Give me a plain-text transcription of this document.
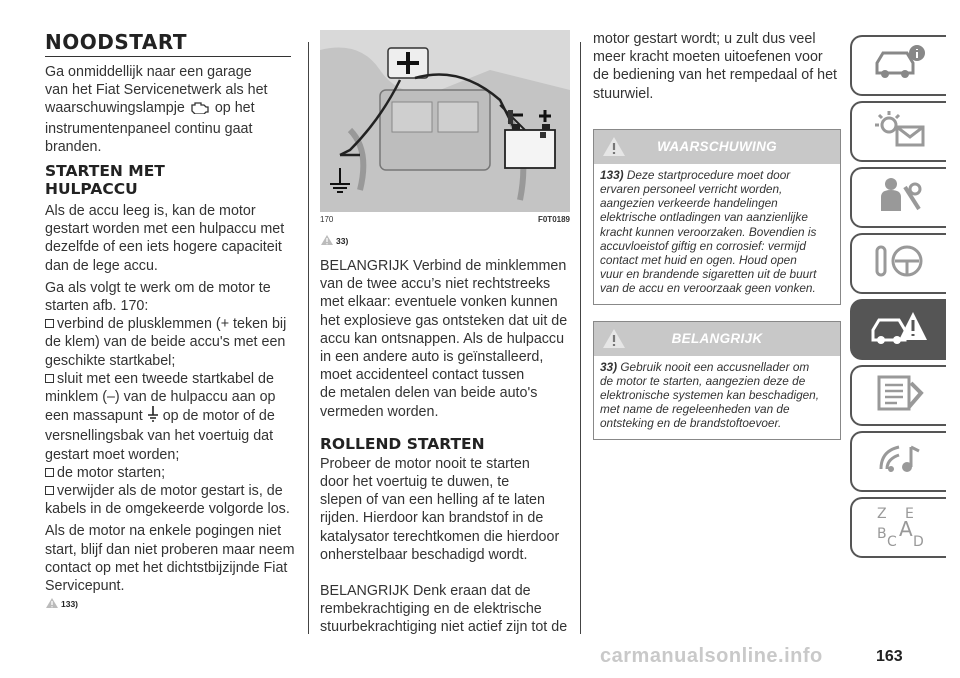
NOODSTART
Ga onmiddellijk naar een garage
van het Fiat Servicenetwerk als het
waarschuwingslampje op het
instrumentenpaneel continu gaat
branden.
STARTEN MET
HULPACCU
Als de accu leeg is, kan de motor
gestart worden met een hulpaccu met
dezelfde of een iets hogere capaciteit
dan de lege accu.
Ga als volgt te werk om de motor te
starten afb. 170:
verbind de plusklemmen (+ teken bij
de klem) van de beide accu's met een
geschikte startkabel;
sluit met een tweede startkabel de
minklem (–) van de hulpaccu aan op
een massapunt op de motor of de
versnellingsbak van het voertuig dat
gestart moet worden;
de motor starten;
verwijder als de motor gestart is, de
kabels in de omgekeerde volgorde los.
Als de motor na enkele pogingen niet
start, blijf dan niet proberen maar neem
contact op met het dichtstbijzijnde Fiat
Servicepunt.
133)
170	F0T0189
33)
BELANGRIJK Verbind de minklemmen
van de twee accu’s niet rechtstreeks
met elkaar: eventuele vonken kunnen
het explosieve gas ontsteken dat uit de
accu kan ontsnappen. Als de hulpaccu
in een andere auto is geïnstalleerd,
moet accidenteel contact tussen
de metalen delen van beide auto's
vermeden worden.
ROLLEND STARTEN
Probeer de motor nooit te starten
door het voertuig te duwen, te
slepen of van een helling af te laten
rijden. Hierdoor kan brandstof in de
katalysator terechtkomen die hierdoor
onherstelbaar beschadigd wordt.
BELANGRIJK Denk eraan dat de
rembekrachtiging en de elektrische
stuurbekrachtiging niet actief zijn tot de
motor gestart wordt; u zult dus veel
meer kracht moeten uitoefenen voor
de bediening van het rempedaal of het
stuurwiel.
WAARSCHUWING
133) Deze startprocedure moet door
ervaren personeel verricht worden,
aangezien verkeerde handelingen
elektrische ontladingen van aanzienlijke
kracht kunnen veroorzaken. Bovendien is
accuvloeistof giftig en corrosief: vermijd
contact met huid en ogen. Houd open
vuur en brandende sigaretten uit de buurt
van de accu en veroorzaak geen vonken.
BELANGRIJK
33) Gebruik nooit een accusnellader om
de motor te starten, aangezien deze de
elektronische systemen kan beschadigen,
met name de regeleenheden van de
ontsteking en de brandstoftoevoer.
Z E
B A
C D
carmanualsonline.info	163
